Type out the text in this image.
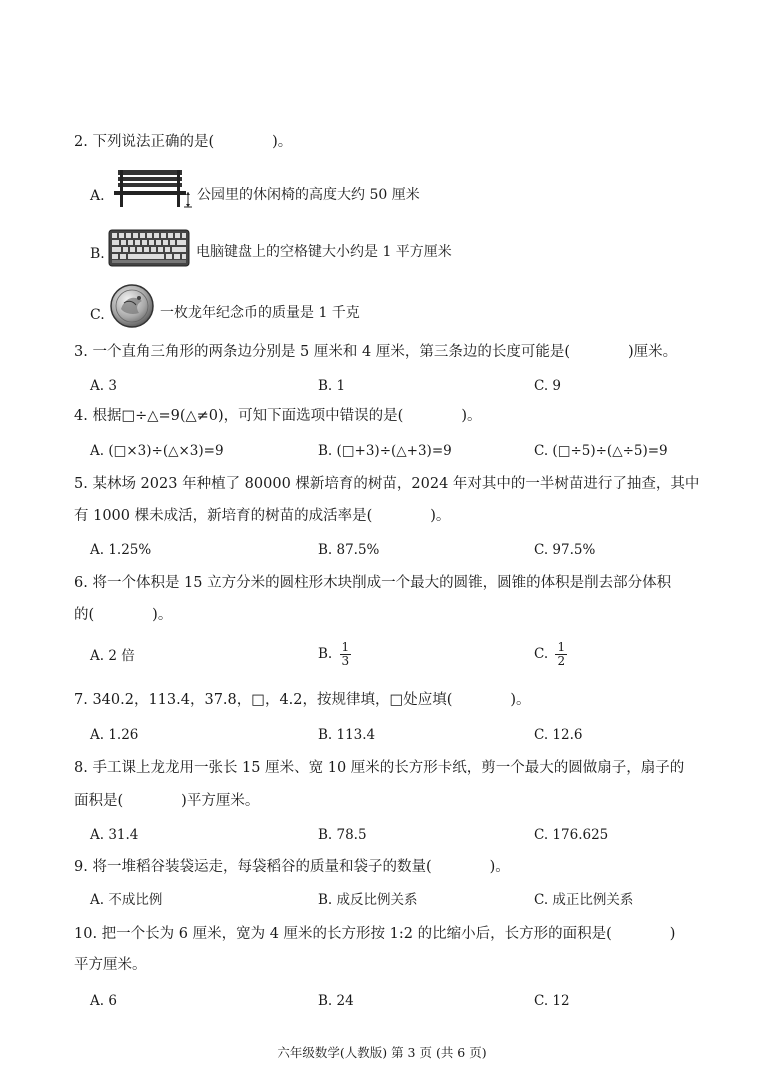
2. 下列说法正确的是(　　　　)。
A.	公园里的休闲椅的高度大约 50 厘米
B.	电脑键盘上的空格键大小约是 1 平方厘米
C.	一枚龙年纪念币的质量是 1 千克
3. 一个直角三角形的两条边分别是 5 厘米和 4 厘米，第三条边的长度可能是(　　　　)厘米。
A. 3	B. 1	C. 9
4. 根据□÷△=9(△≠0)，可知下面选项中错误的是(　　　　)。
A. (□×3)÷(△×3)=9	B. (□+3)÷(△+3)=9	C. (□÷5)÷(△÷5)=9
5. 某林场 2023 年种植了 80000 棵新培育的树苗，2024 年对其中的一半树苗进行了抽查，其中
有 1000 棵未成活，新培育的树苗的成活率是(　　　　)。
A. 1.25%	B. 87.5%	C. 97.5%
6. 将一个体积是 15 立方分米的圆柱形木块削成一个最大的圆锥，圆锥的体积是削去部分体积
的(　　　　)。
A. 2 倍	B. $\frac{1}{3}$	C. $\frac{1}{2}$
7. 340.2，113.4，37.8，□，4.2，按规律填，□处应填(　　　　)。
A. 1.26	B. 113.4	C. 12.6
8. 手工课上龙龙用一张长 15 厘米、宽 10 厘米的长方形卡纸，剪一个最大的圆做扇子，扇子的
面积是(　　　　)平方厘米。
A. 31.4	B. 78.5	C. 176.625
9. 将一堆稻谷装袋运走，每袋稻谷的质量和袋子的数量(　　　　)。
A. 不成比例	B. 成反比例关系	C. 成正比例关系
10. 把一个长为 6 厘米，宽为 4 厘米的长方形按 1:2 的比缩小后，长方形的面积是(　　　　)
平方厘米。
A. 6	B. 24	C. 12
六年级数学(人教版) 第 3 页 (共 6 页)
